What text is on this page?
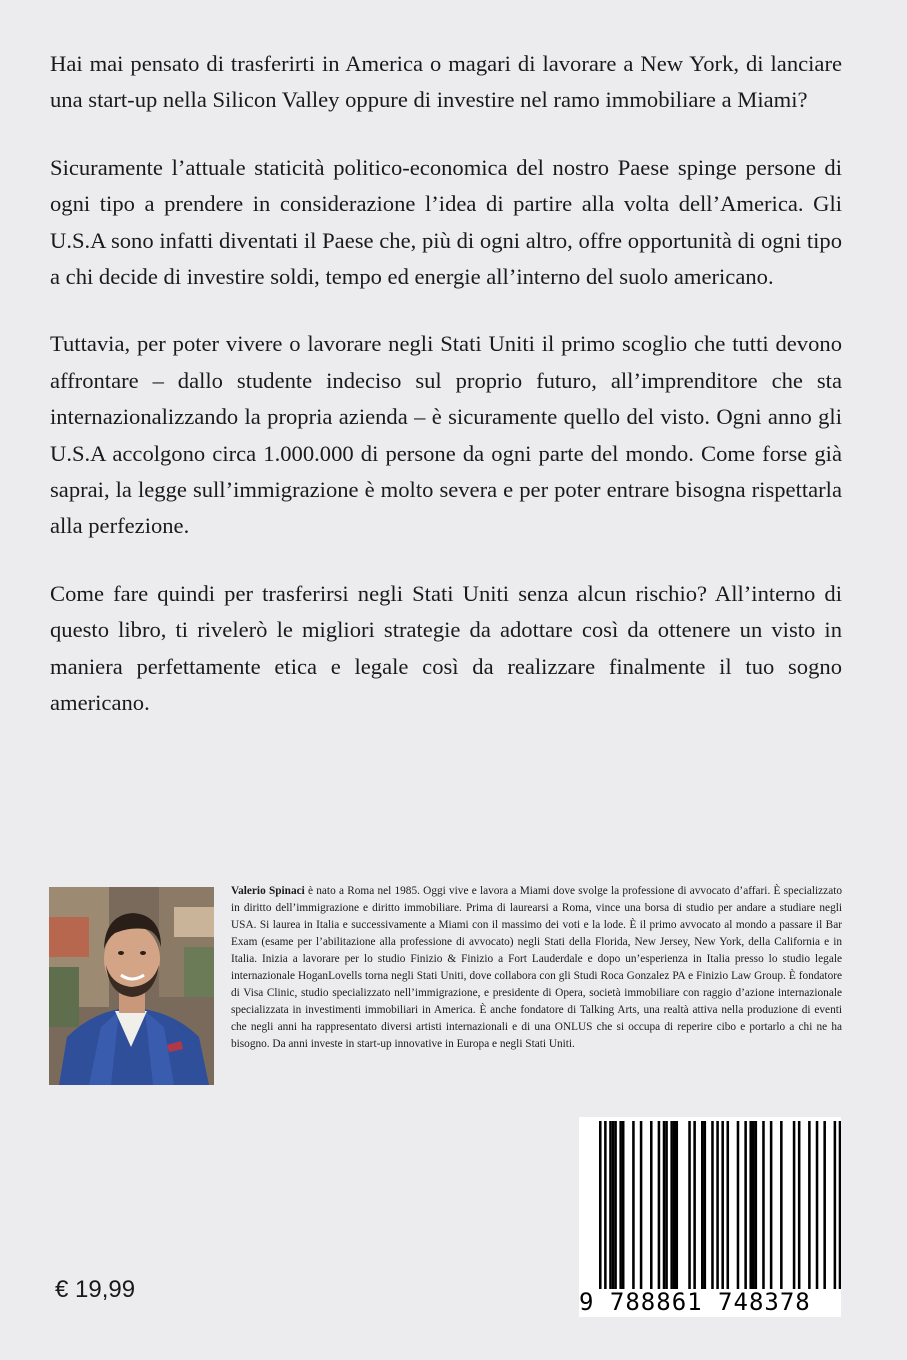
Hai mai pensato di trasferirti in America o magari di lavorare a New York, di lanciare una start-up nella Silicon Valley oppure di investire nel ramo immobiliare a Miami?

Sicuramente l’attuale staticità politico-economica del nostro Paese spinge persone di ogni tipo a prendere in considerazione l’idea di partire alla volta dell’America. Gli U.S.A sono infatti diventati il Paese che, più di ogni altro, offre opportunità di ogni tipo a chi decide di investire soldi, tempo ed energie all’interno del suolo americano.

Tuttavia, per poter vivere o lavorare negli Stati Uniti il primo scoglio che tutti devono affrontare – dallo studente indeciso sul proprio futuro, all’imprenditore che sta internazionalizzando la propria azienda – è sicuramente quello del visto. Ogni anno gli U.S.A accolgono circa 1.000.000 di persone da ogni parte del mondo. Come forse già saprai, la legge sull’immigrazione è molto severa e per poter entrare bisogna rispettarla alla perfezione.

Come fare quindi per trasferirsi negli Stati Uniti senza alcun rischio? All’interno di questo libro, ti rivelerò le migliori strategie da adottare così da ottenere un visto in maniera perfettamente etica e legale così da realizzare finalmente il tuo sogno americano.

Valerio Spinaci è nato a Roma nel 1985. Oggi vive e lavora a Miami dove svolge la professione di avvocato d’affari. È specializzato in diritto dell’immigrazione e diritto immobiliare. Prima di laurearsi a Roma, vince una borsa di studio per andare a studiare negli USA. Si laurea in Italia e successivamente a Miami con il massimo dei voti e la lode. È il primo avvocato al mondo a passare il Bar Exam (esame per l’abilitazione alla professione di avvocato) negli Stati della Florida, New Jersey, New York, della California e in Italia. Inizia a lavorare per lo studio Finizio & Finizio a Fort Lauderdale e dopo un’esperienza in Italia presso lo studio legale internazionale HoganLovells torna negli Stati Uniti, dove collabora con gli Studi Roca Gonzalez PA e Finizio Law Group. È fondatore di Visa Clinic, studio specializzato nell’immigrazione, e presidente di Opera, società immobiliare con raggio d’azione internazionale specializzata in investimenti immobiliari in America. È anche fondatore di Talking Arts, una realtà attiva nella produzione di eventi che negli anni ha rappresentato diversi artisti internazionali e di una ONLUS che si occupa di reperire cibo e portarlo a chi ne ha bisogno. Da anni investe in start-up innovative in Europa e negli Stati Uniti.
€ 19,99	9 788861 748378
